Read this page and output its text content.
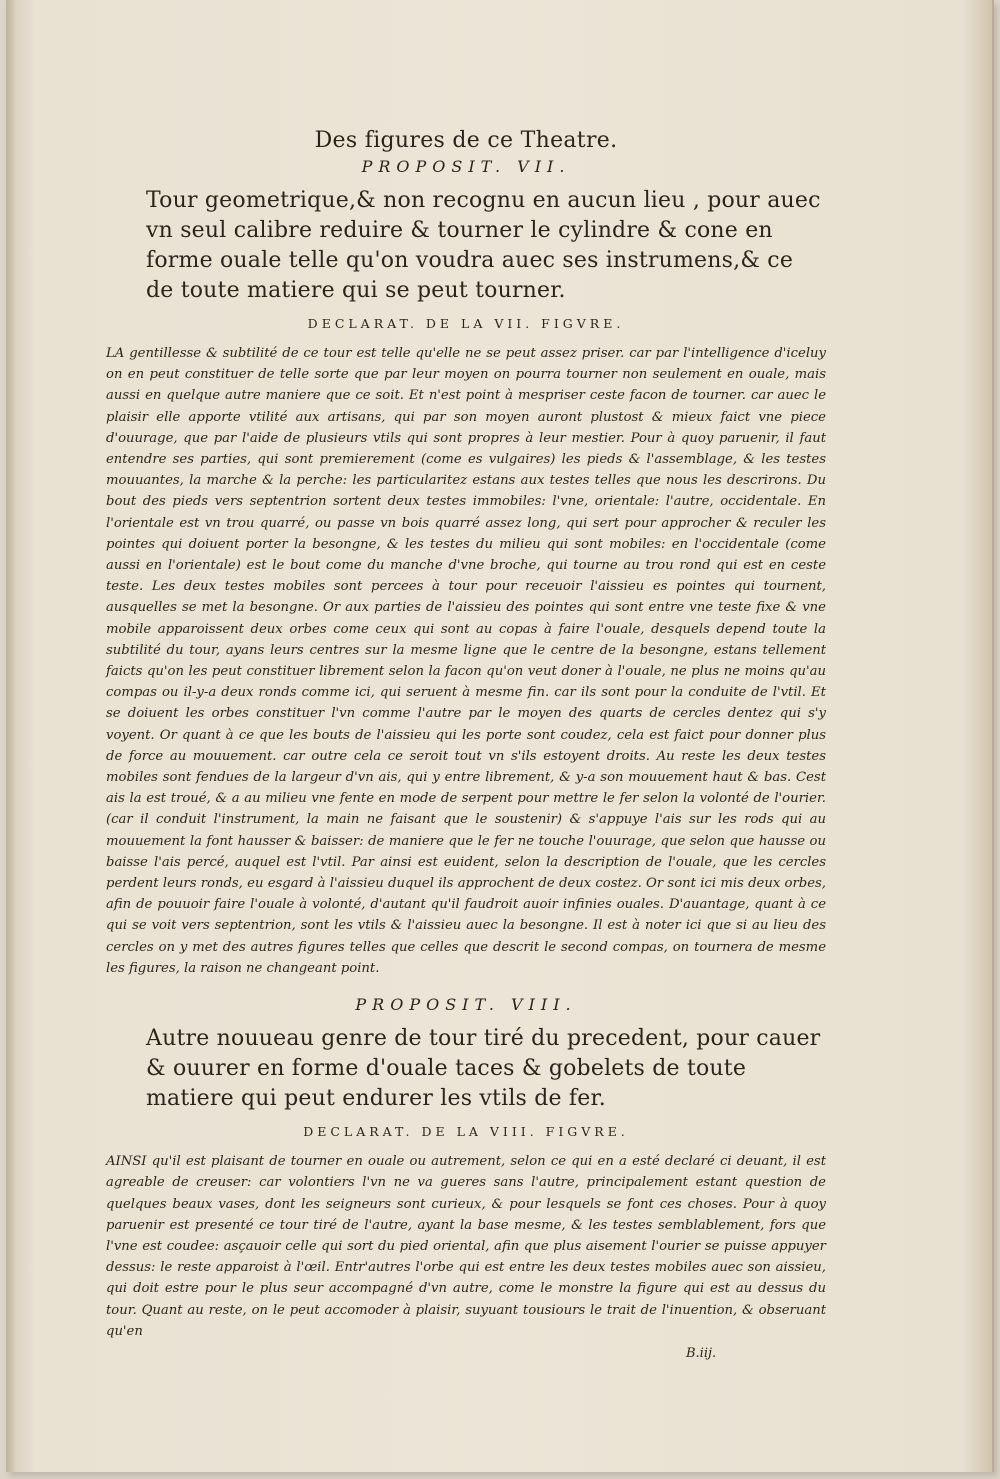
Des figures de ce Theatre.
PROPOSIT. VII.
Tour geometrique,& non recognu en aucun lieu , pour auec vn seul calibre reduire & tourner le cylindre & cone en forme ouale telle qu'on voudra auec ses instrumens,& ce de toute matiere qui se peut tourner.
DECLARAT. DE LA VII. FIGVRE.

LA gentillesse & subtilité de ce tour est telle qu'elle ne se peut assez priser. car par l'intelligence d'iceluy on en peut constituer de telle sorte que par leur moyen on pourra tourner non seulement en ouale, mais aussi en quelque autre maniere que ce soit. Et n'est point à mespriser ceste facon de tourner. car auec le plaisir elle apporte vtilité aux artisans, qui par son moyen auront plustost & mieux faict vne piece d'ouurage, que par l'aide de plusieurs vtils qui sont propres à leur mestier. Pour à quoy paruenir, il faut entendre ses parties, qui sont premierement (come es vulgaires) les pieds & l'assemblage, & les testes mouuantes, la marche & la perche: les particularitez estans aux testes telles que nous les descrirons. Du bout des pieds vers septentrion sortent deux testes immobiles: l'vne, orientale: l'autre, occidentale. En l'orientale est vn trou quarré, ou passe vn bois quarré assez long, qui sert pour approcher & reculer les pointes qui doiuent porter la besongne, & les testes du milieu qui sont mobiles: en l'occidentale (come aussi en l'orientale) est le bout come du manche d'vne broche, qui tourne au trou rond qui est en ceste teste. Les deux testes mobiles sont percees à tour pour receuoir l'aissieu es pointes qui tournent, ausquelles se met la besongne. Or aux parties de l'aissieu des pointes qui sont entre vne teste fixe & vne mobile apparoissent deux orbes come ceux qui sont au copas à faire l'ouale, desquels depend toute la subtilité du tour, ayans leurs centres sur la mesme ligne que le centre de la besongne, estans tellement faicts qu'on les peut constituer librement selon la facon qu'on veut doner à l'ouale, ne plus ne moins qu'au compas ou il-y-a deux ronds comme ici, qui seruent à mesme fin. car ils sont pour la conduite de l'vtil. Et se doiuent les orbes constituer l'vn comme l'autre par le moyen des quarts de cercles dentez qui s'y voyent. Or quant à ce que les bouts de l'aissieu qui les porte sont coudez, cela est faict pour donner plus de force au mouuement. car outre cela ce seroit tout vn s'ils estoyent droits. Au reste les deux testes mobiles sont fendues de la largeur d'vn ais, qui y entre librement, & y-a son mouuement haut & bas. Cest ais la est troué, & a au milieu vne fente en mode de serpent pour mettre le fer selon la volonté de l'ourier. (car il conduit l'instrument, la main ne faisant que le soustenir) & s'appuye l'ais sur les rods qui au mouuement la font hausser & baisser: de maniere que le fer ne touche l'ouurage, que selon que hausse ou baisse l'ais percé, auquel est l'vtil. Par ainsi est euident, selon la description de l'ouale, que les cercles perdent leurs ronds, eu esgard à l'aissieu duquel ils approchent de deux costez. Or sont ici mis deux orbes, afin de pouuoir faire l'ouale à volonté, d'autant qu'il faudroit auoir infinies ouales. D'auantage, quant à ce qui se voit vers septentrion, sont les vtils & l'aissieu auec la besongne. Il est à noter ici que si au lieu des cercles on y met des autres figures telles que celles que descrit le second compas, on tournera de mesme les figures, la raison ne changeant point.

PROPOSIT. VIII.
Autre nouueau genre de tour tiré du precedent, pour cauer & ouurer en forme d'ouale taces & gobelets de toute matiere qui peut endurer les vtils de fer.
DECLARAT. DE LA VIII. FIGVRE.

AINSI qu'il est plaisant de tourner en ouale ou autrement, selon ce qui en a esté declaré ci deuant, il est agreable de creuser: car volontiers l'vn ne va gueres sans l'autre, principalement estant question de quelques beaux vases, dont les seigneurs sont curieux, & pour lesquels se font ces choses. Pour à quoy paruenir est presenté ce tour tiré de l'autre, ayant la base mesme, & les testes semblablement, fors que l'vne est coudee: asçauoir celle qui sort du pied oriental, afin que plus aisement l'ourier se puisse appuyer dessus: le reste apparoist à l'œil. Entr'autres l'orbe qui est entre les deux testes mobiles auec son aissieu, qui doit estre pour le plus seur accompagné d'vn autre, come le monstre la figure qui est au dessus du tour. Quant au reste, on le peut accomoder à plaisir, suyuant tousiours le trait de l'inuention, & obseruant qu'en

B.iij.
